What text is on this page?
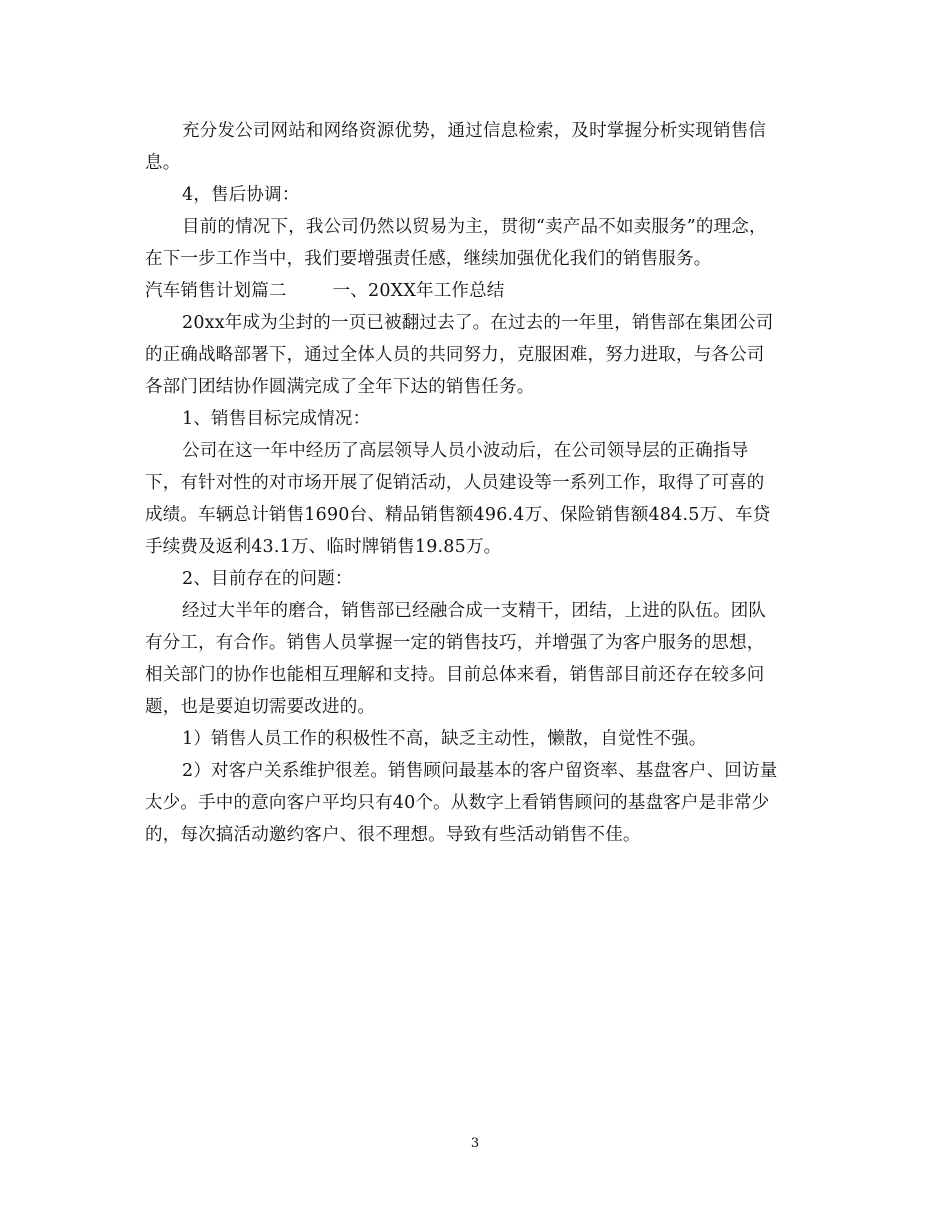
充分发公司网站和网络资源优势，通过信息检索，及时掌握分析实现销售信
息。
4，售后协调：
目前的情况下，我公司仍然以贸易为主，贯彻“卖产品不如卖服务”的理念，
在下一步工作当中，我们要增强责任感，继续加强优化我们的销售服务。
汽车销售计划篇二	一、20XX年工作总结
20xx年成为尘封的一页已被翻过去了。在过去的一年里，销售部在集团公司
的正确战略部署下，通过全体人员的共同努力，克服困难，努力进取，与各公司
各部门团结协作圆满完成了全年下达的销售任务。
1、销售目标完成情况：
公司在这一年中经历了高层领导人员小波动后，在公司领导层的正确指导
下，有针对性的对市场开展了促销活动，人员建设等一系列工作，取得了可喜的
成绩。车辆总计销售1690台、精品销售额496.4万、保险销售额484.5万、车贷
手续费及返利43.1万、临时牌销售19.85万。
2、目前存在的问题：
经过大半年的磨合，销售部已经融合成一支精干，团结，上进的队伍。团队
有分工，有合作。销售人员掌握一定的销售技巧，并增强了为客户服务的思想，
相关部门的协作也能相互理解和支持。目前总体来看，销售部目前还存在较多问
题，也是要迫切需要改进的。
1）销售人员工作的积极性不高，缺乏主动性，懒散，自觉性不强。
2）对客户关系维护很差。销售顾问最基本的客户留资率、基盘客户、回访量
太少。手中的意向客户平均只有40个。从数字上看销售顾问的基盘客户是非常少
的，每次搞活动邀约客户、很不理想。导致有些活动销售不佳。
3
